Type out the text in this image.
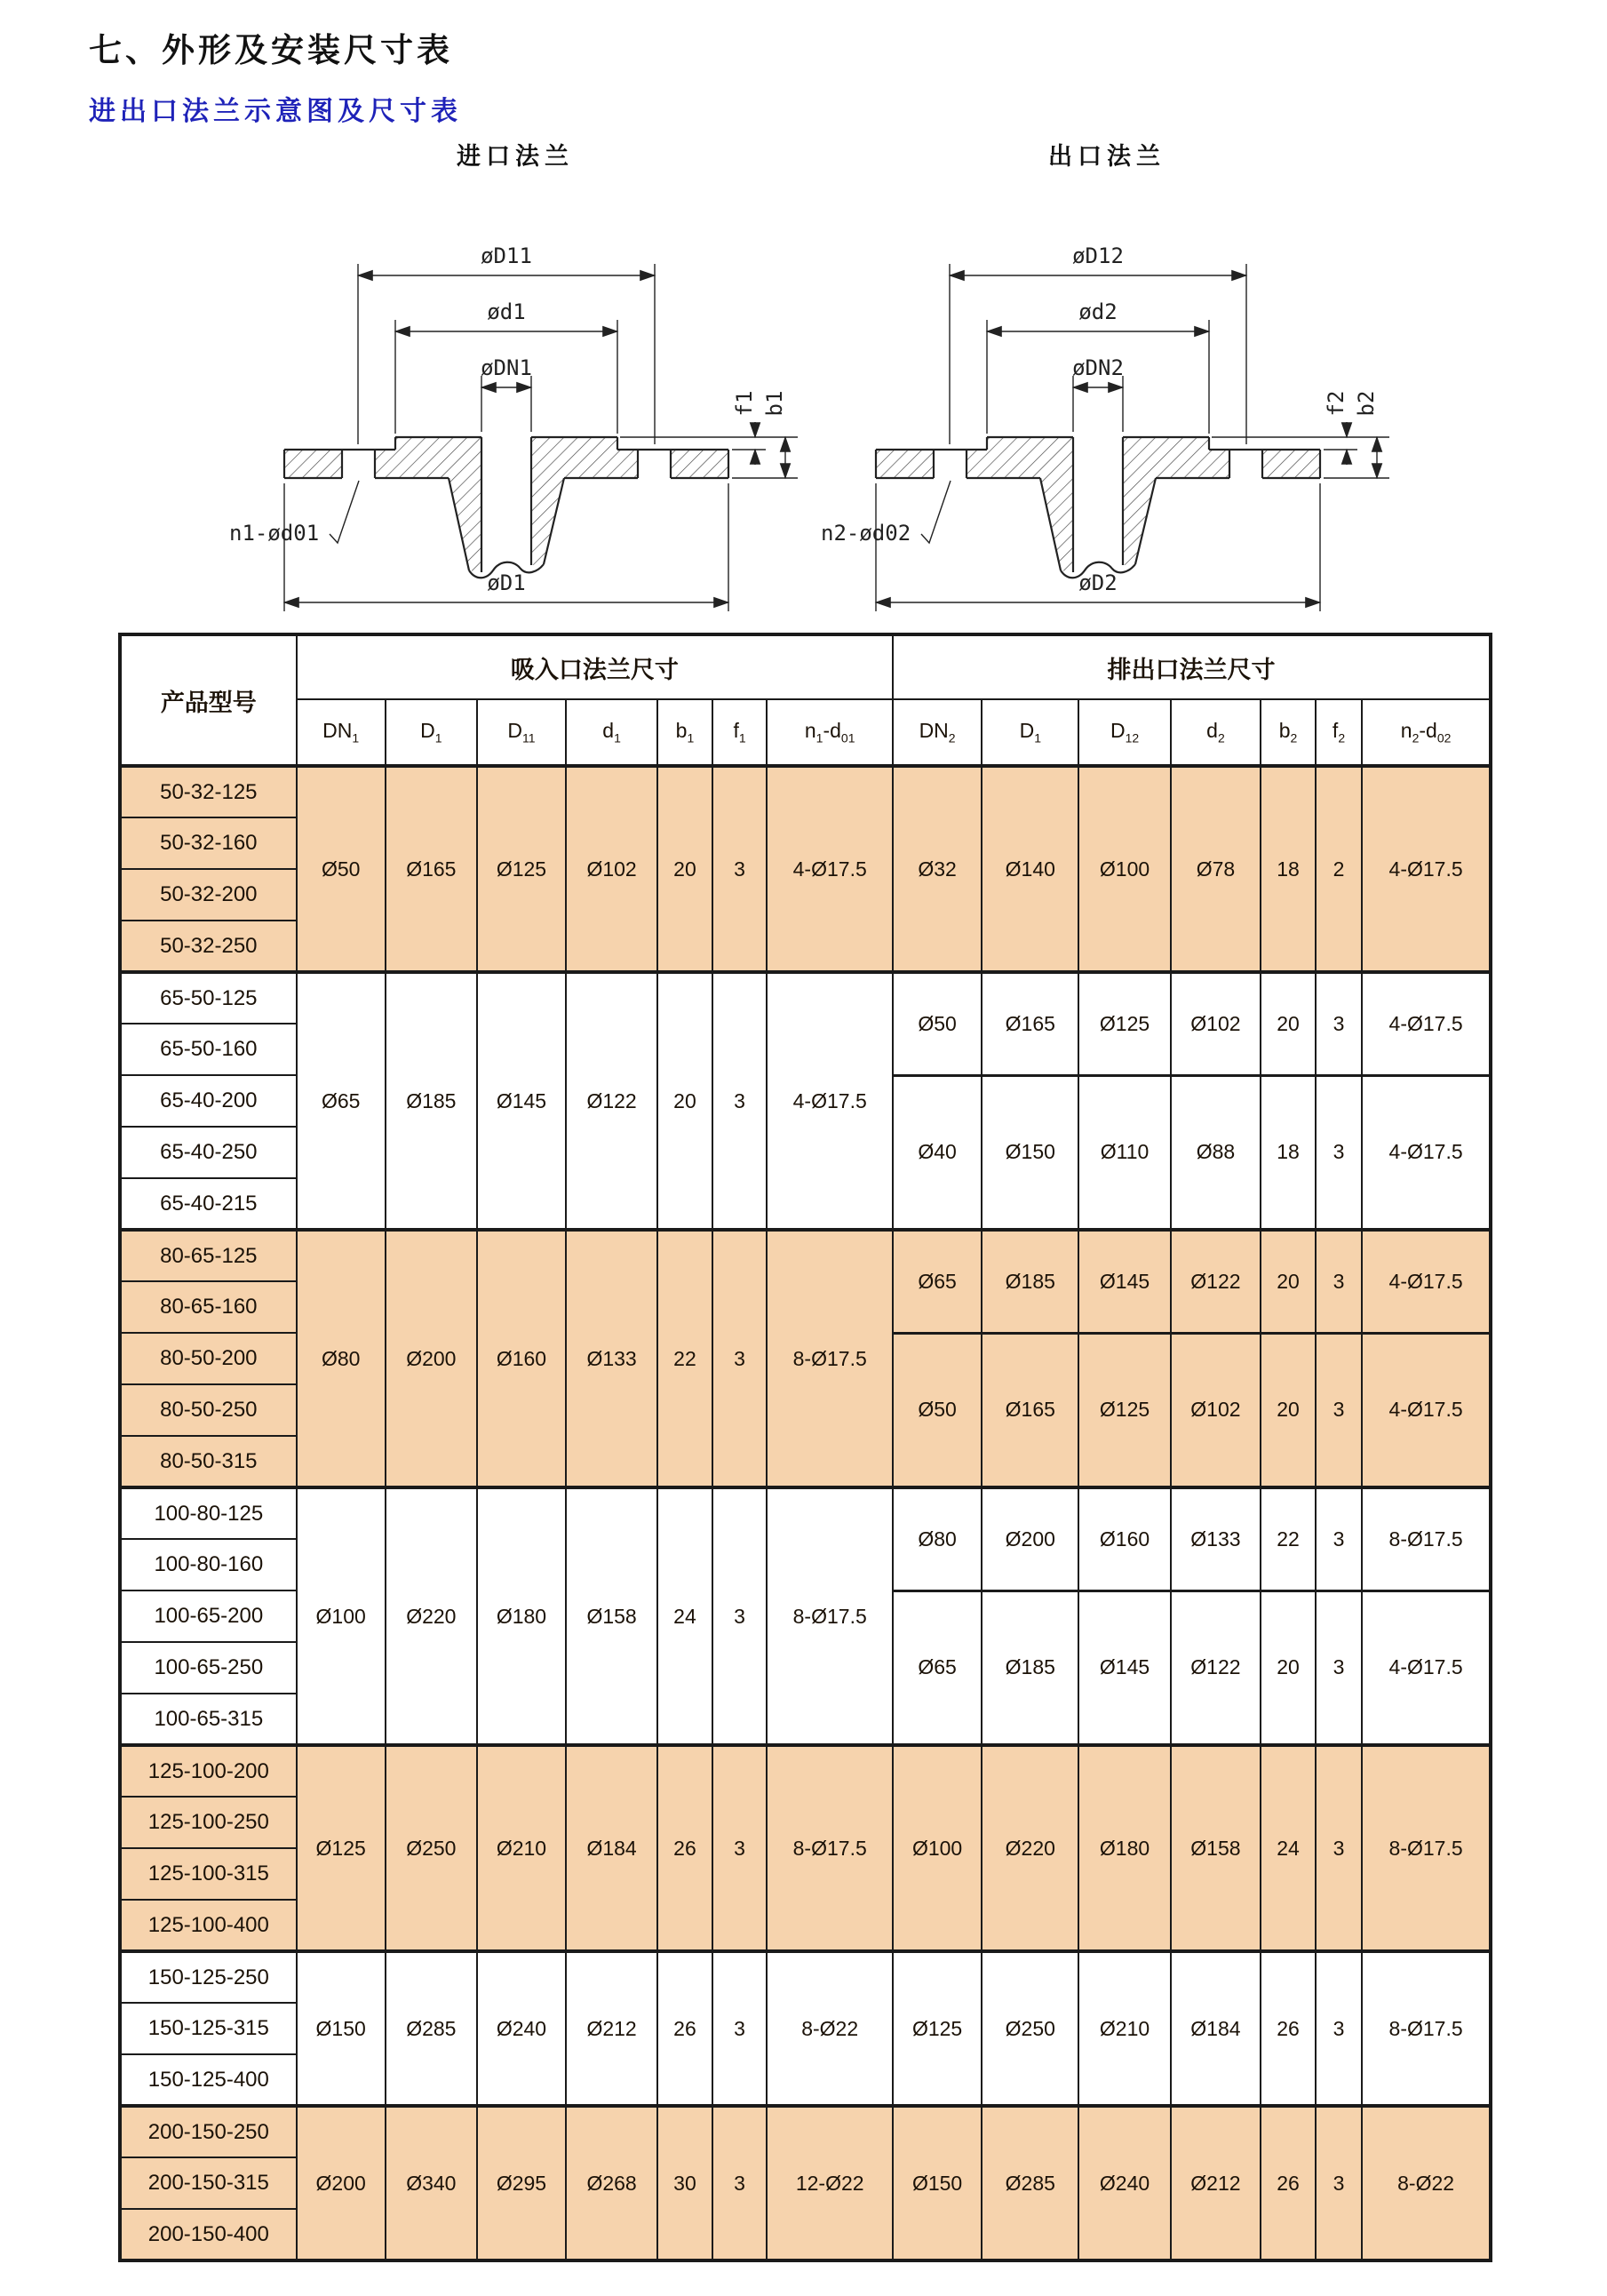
七、外形及安装尺寸表
进出口法兰示意图及尺寸表
进口法兰
øD11
ød1
øDN1
f1 b1
n1-ød01
øD1
出口法兰
øD12
ød2
øDN2
f2 b2
n2-ød02
øD2
产品型号	吸入口法兰尺寸							排出口法兰尺寸						
	$DN_1$	$D_1$	$D_{11}$	$d_1$	$b_1$	$f_1$	$n_1-d_{01}$	$DN_2$	$D_1$	$D_{12}$	$d_2$	$b_2$	$f_2$	$n_2-d_{02}$
50-32-125	Ø50	Ø165	Ø125	Ø102	20	3	4-Ø17.5	Ø32	Ø140	Ø100	Ø78	18	2	4-Ø17.5
50-32-160														
50-32-200														
50-32-250														
65-50-125	Ø65	Ø185	Ø145	Ø122	20	3	4-Ø17.5	Ø50	Ø165	Ø125	Ø102	20	3	4-Ø17.5
65-50-160														
65-40-200								Ø40	Ø150	Ø110	Ø88	18	3	4-Ø17.5
65-40-250														
65-40-215														
80-65-125	Ø80	Ø200	Ø160	Ø133	22	3	8-Ø17.5	Ø65	Ø185	Ø145	Ø122	20	3	4-Ø17.5
80-65-160														
80-50-200								Ø50	Ø165	Ø125	Ø102	20	3	4-Ø17.5
80-50-250														
80-50-315														
100-80-125	Ø100	Ø220	Ø180	Ø158	24	3	8-Ø17.5	Ø80	Ø200	Ø160	Ø133	22	3	8-Ø17.5
100-80-160														
100-65-200								Ø65	Ø185	Ø145	Ø122	20	3	4-Ø17.5
100-65-250														
100-65-315														
125-100-200	Ø125	Ø250	Ø210	Ø184	26	3	8-Ø17.5	Ø100	Ø220	Ø180	Ø158	24	3	8-Ø17.5
125-100-250														
125-100-315														
125-100-400														
150-125-250	Ø150	Ø285	Ø240	Ø212	26	3	8-Ø22	Ø125	Ø250	Ø210	Ø184	26	3	8-Ø17.5
150-125-315														
150-125-400														
200-150-250	Ø200	Ø340	Ø295	Ø268	30	3	12-Ø22	Ø150	Ø285	Ø240	Ø212	26	3	8-Ø22
200-150-315														
200-150-400														
